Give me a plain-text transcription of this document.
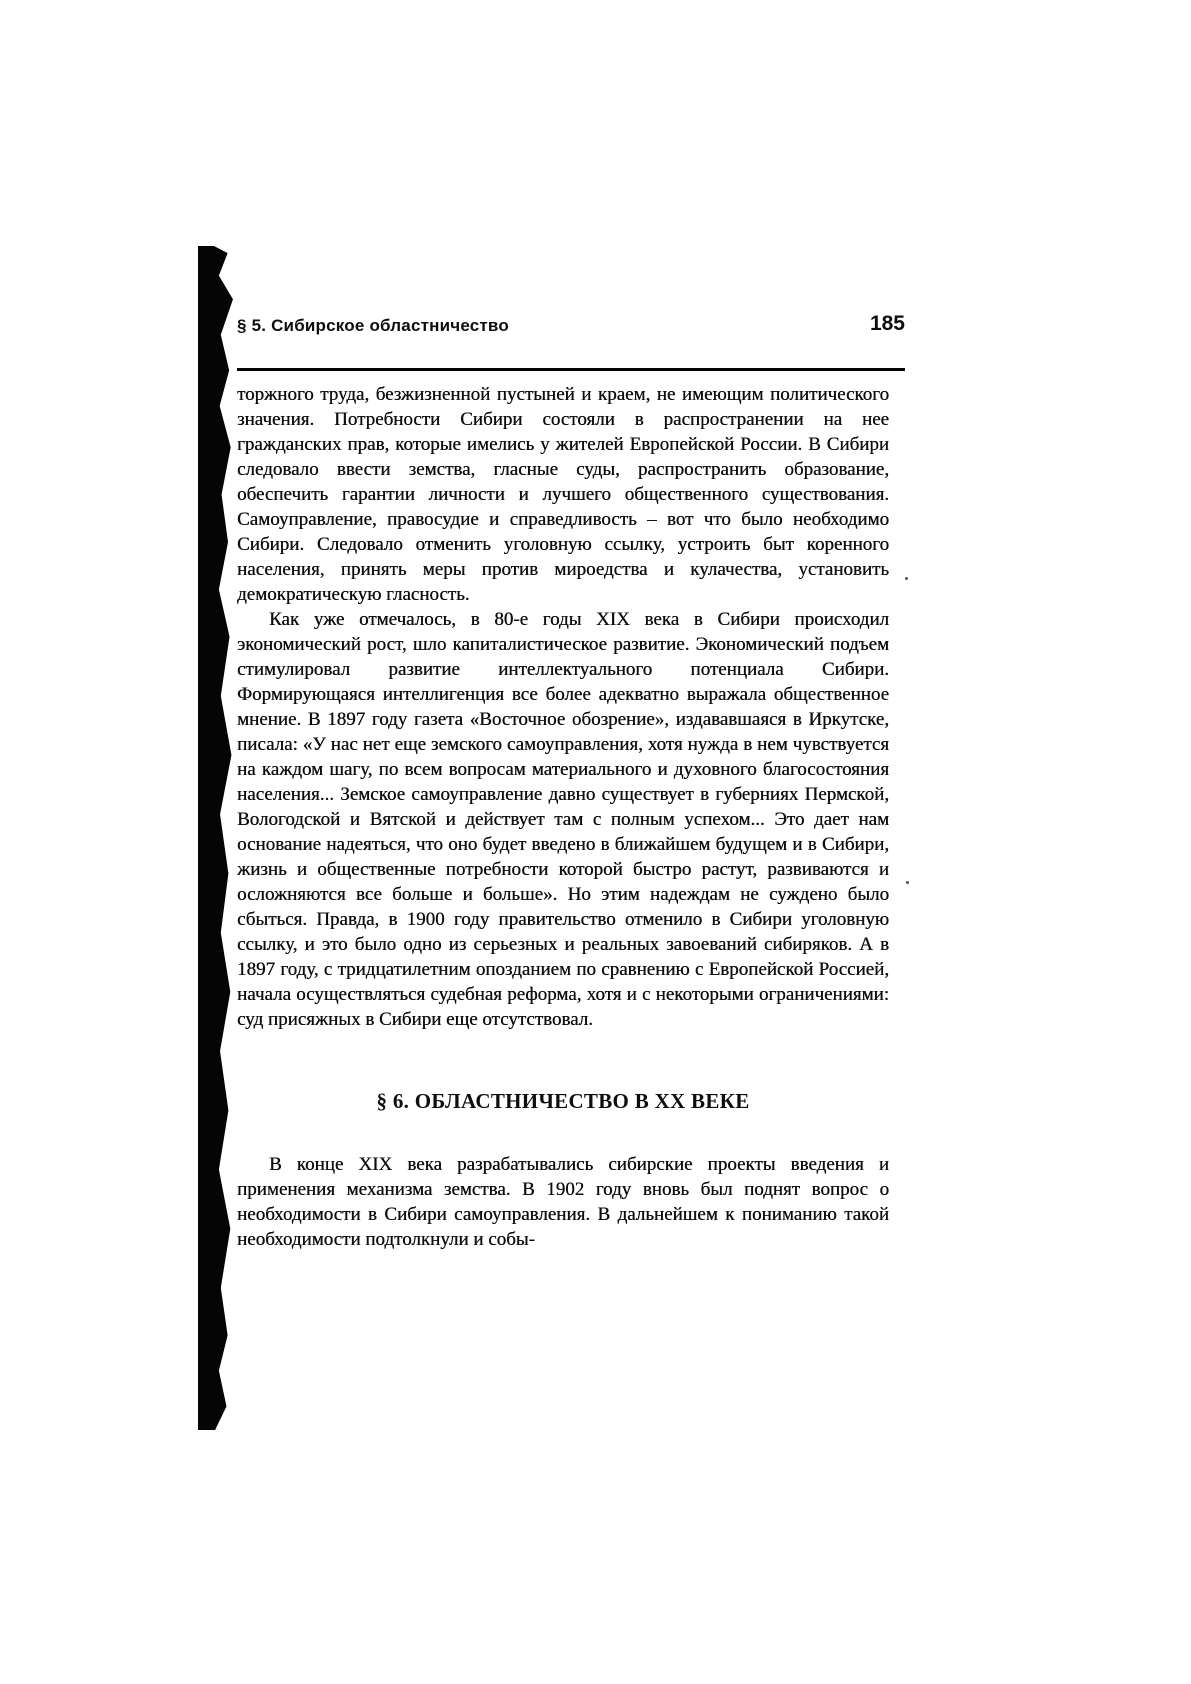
§ 5. Сибирское областничество	185

торжного труда, безжизненной пустыней и краем, не имеющим политического значения. Потребности Сибири состояли в распространении на нее гражданских прав, которые имелись у жителей Европейской России. В Сибири следовало ввести земства, гласные суды, распространить образование, обеспечить гарантии личности и лучшего общественного существования. Самоуправление, правосудие и справедливость – вот что было необходимо Сибири. Следовало отменить уголовную ссылку, устроить быт коренного населения, принять меры против мироедства и кулачества, установить демократическую гласность.

Как уже отмечалось, в 80-е годы XIX века в Сибири происходил экономический рост, шло капиталистическое развитие. Экономический подъем стимулировал развитие интеллектуального потенциала Сибири. Формирующаяся интеллигенция все более адекватно выражала общественное мнение. В 1897 году газета «Восточное обозрение», издававшаяся в Иркутске, писала: «У нас нет еще земского самоуправления, хотя нужда в нем чувствуется на каждом шагу, по всем вопросам материального и духовного благосостояния населения... Земское самоуправление давно существует в губерниях Пермской, Вологодской и Вятской и действует там с полным успехом... Это дает нам основание надеяться, что оно будет введено в ближайшем будущем и в Сибири, жизнь и общественные потребности которой быстро растут, развиваются и осложняются все больше и больше». Но этим надеждам не суждено было сбыться. Правда, в 1900 году правительство отменило в Сибири уголовную ссылку, и это было одно из серьезных и реальных завоеваний сибиряков. А в 1897 году, с тридцатилетним опозданием по сравнению с Европейской Россией, начала осуществляться судебная реформа, хотя и с некоторыми ограничениями: суд присяжных в Сибири еще отсутствовал.

§ 6. ОБЛАСТНИЧЕСТВО В XX ВЕКЕ

В конце XIX века разрабатывались сибирские проекты введения и применения механизма земства. В 1902 году вновь был поднят вопрос о необходимости в Сибири самоуправления. В дальнейшем к пониманию такой необходимости подтолкнули и собы-
